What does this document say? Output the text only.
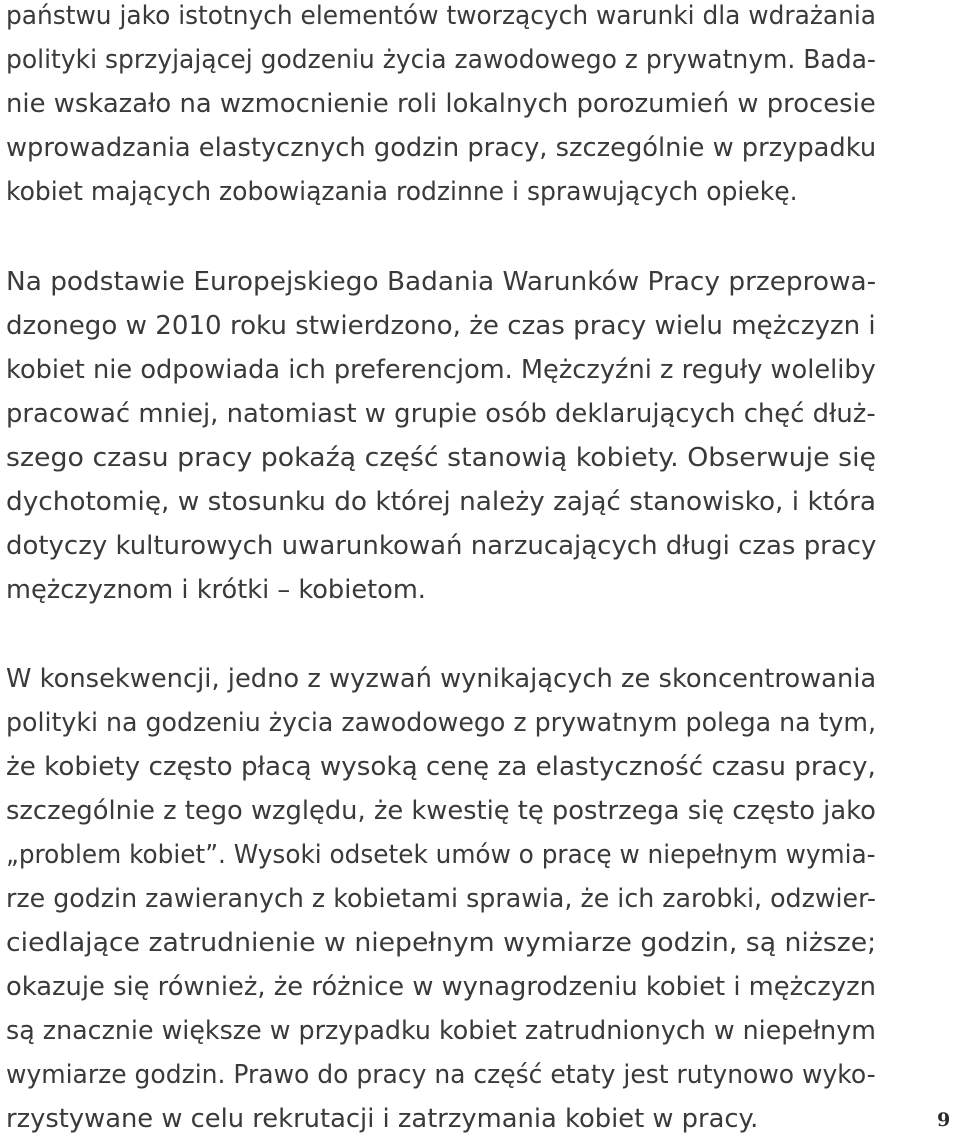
państwu jako istotnych elementów tworzących warunki dla wdrażania
polityki sprzyjającej godzeniu życia zawodowego z prywatnym. Bada-
nie wskazało na wzmocnienie roli lokalnych porozumień w procesie
wprowadzania elastycznych godzin pracy, szczególnie w przypadku
kobiet mających zobowiązania rodzinne i sprawujących opiekę.
Na podstawie Europejskiego Badania Warunków Pracy przeprowa-
dzonego w 2010 roku stwierdzono, że czas pracy wielu mężczyzn i
kobiet nie odpowiada ich preferencjom. Mężczyźni z reguły woleliby
pracować mniej, natomiast w grupie osób deklarujących chęć dłuż-
szego czasu pracy pokaźą część stanowią kobiety. Obserwuje się
dychotomię, w stosunku do której należy zająć stanowisko, i która
dotyczy kulturowych uwarunkowań narzucających długi czas pracy
mężczyznom i krótki – kobietom.
W konsekwencji, jedno z wyzwań wynikających ze skoncentrowania
polityki na godzeniu życia zawodowego z prywatnym polega na tym,
że kobiety często płacą wysoką cenę za elastyczność czasu pracy,
szczególnie z tego względu, że kwestię tę postrzega się często jako
„problem kobiet”. Wysoki odsetek umów o pracę w niepełnym wymia-
rze godzin zawieranych z kobietami sprawia, że ich zarobki, odzwier-
ciedlające zatrudnienie w niepełnym wymiarze godzin, są niższe;
okazuje się również, że różnice w wynagrodzeniu kobiet i mężczyzn
są znacznie większe w przypadku kobiet zatrudnionych w niepełnym
wymiarze godzin. Prawo do pracy na część etaty jest rutynowo wyko-
rzystywane w celu rekrutacji i zatrzymania kobiet w pracy.	9
